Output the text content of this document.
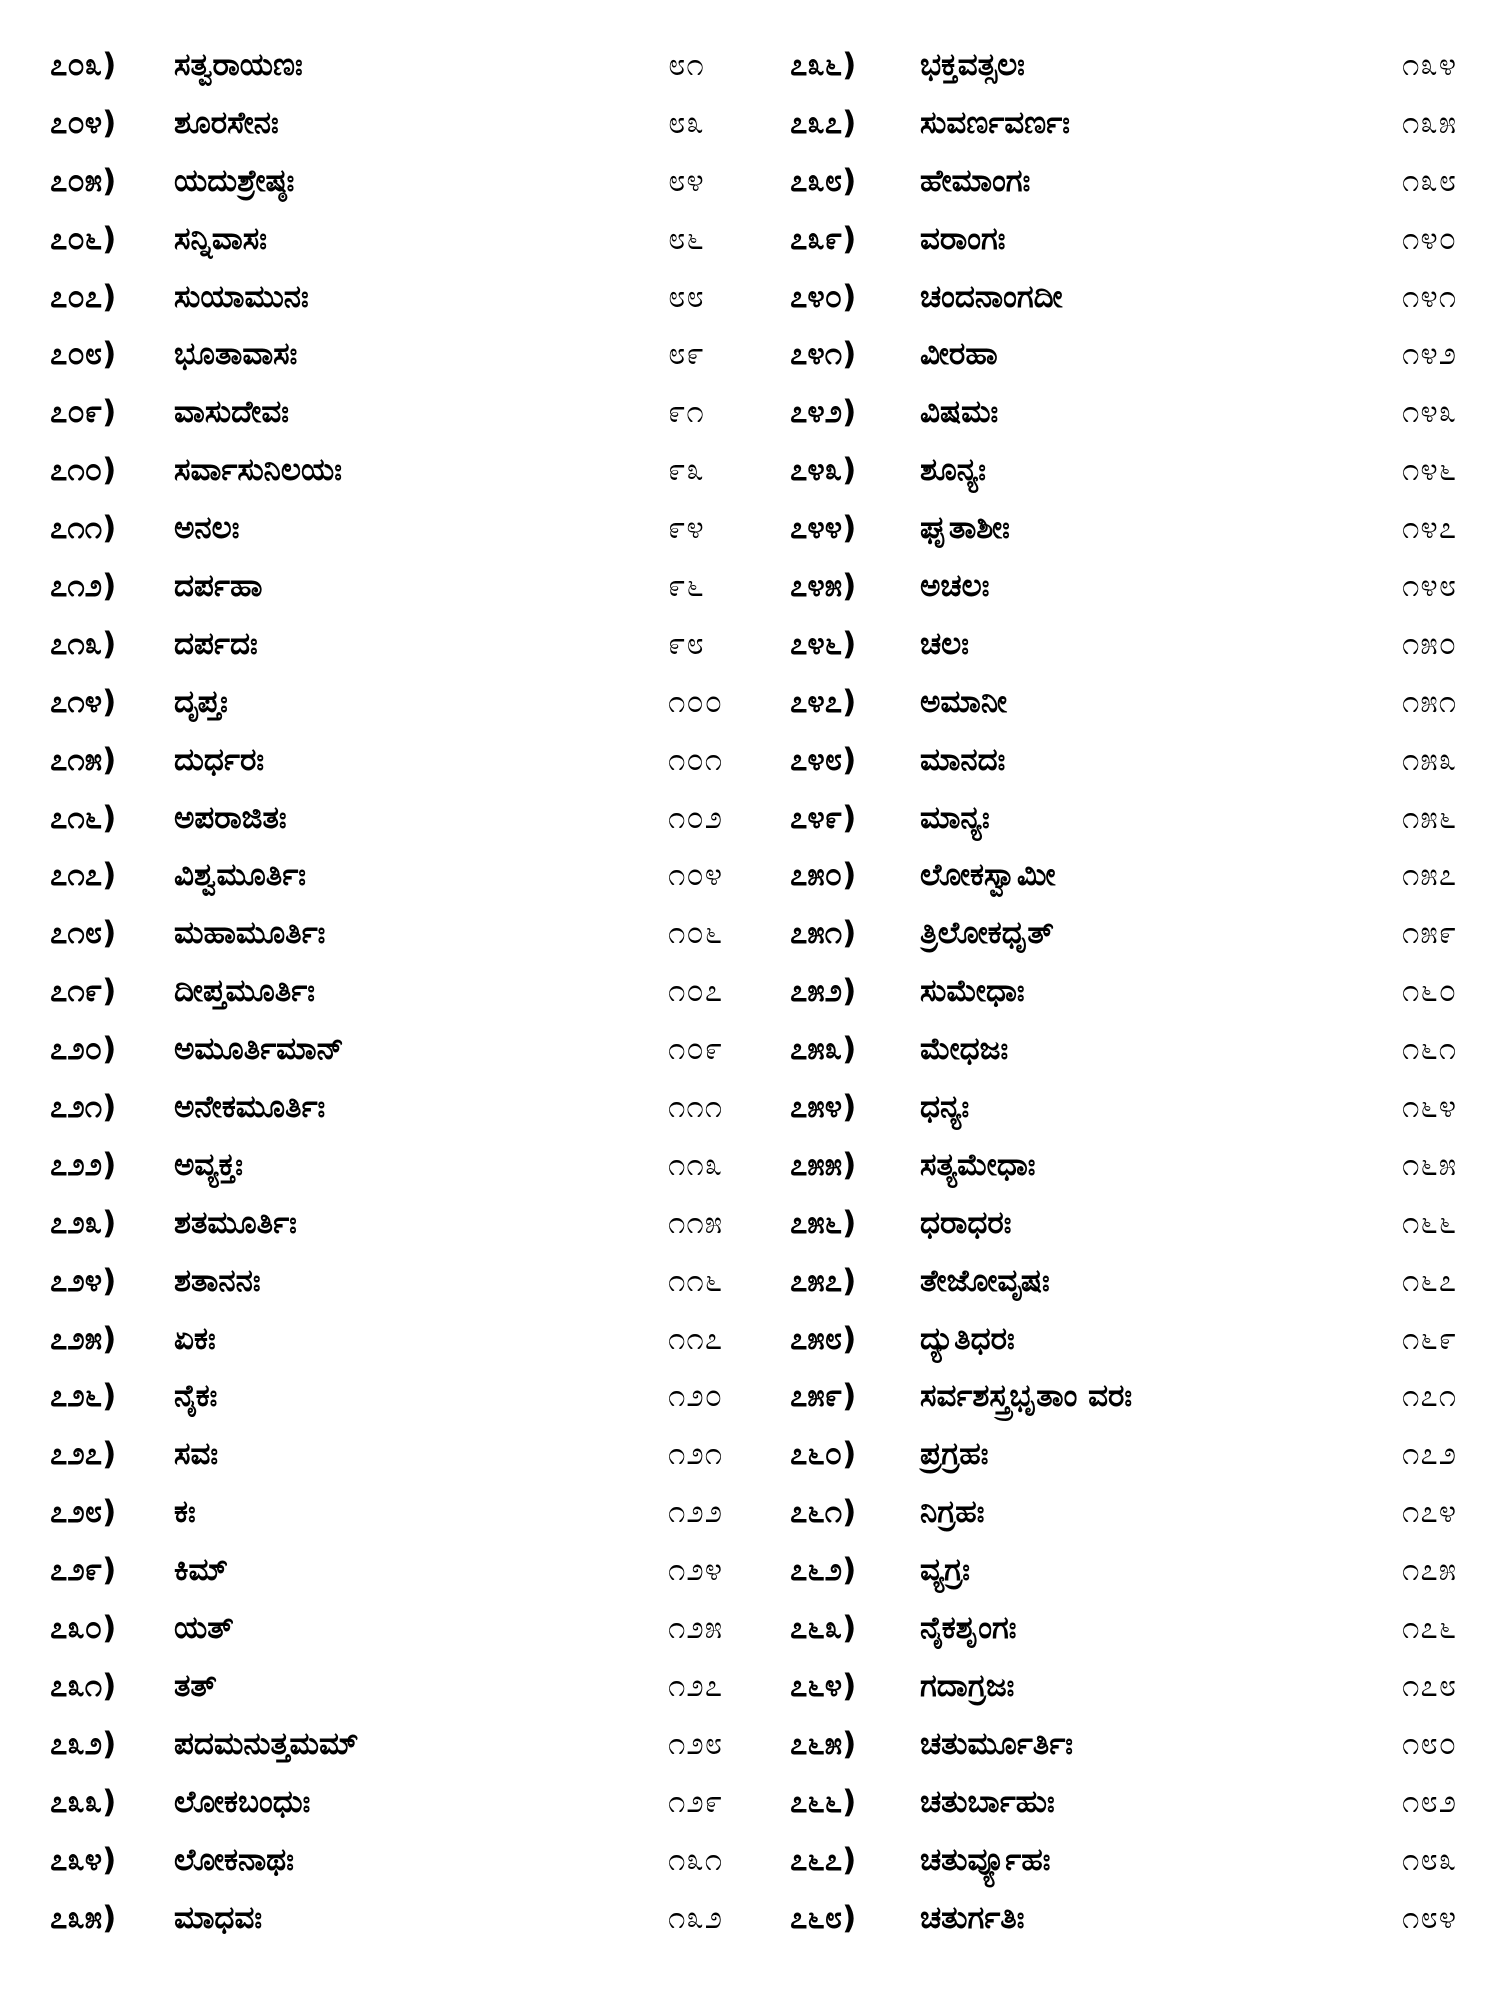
೭೦೩) ಸತ್ವರಾಯಣಃ	೮೧
೭೦೪) ಶೂರಸೇನಃ	೮೩
೭೦೫) ಯದುಶ್ರೇಷ್ಠಃ	೮೪
೭೦೬) ಸನ್ನಿವಾಸಃ	೮೬
೭೦೭) ಸುಯಾಮುನಃ	೮೮
೭೦೮) ಭೂತಾವಾಸಃ	೮೯
೭೦೯) ವಾಸುದೇವಃ	೯೧
೭೧೦) ಸರ್ವಾಸುನಿಲಯಃ	೯೩
೭೧೧) ಅನಲಃ	೯೪
೭೧೨) ದರ್ಪಹಾ	೯೬
೭೧೩) ದರ್ಪದಃ	೯೮
೭೧೪) ದೃಪ್ತಃ	೧೦೦
೭೧೫) ದುರ್ಧರಃ	೧೦೧
೭೧೬) ಅಪರಾಜಿತಃ	೧೦೨
೭೧೭) ವಿಶ್ವಮೂರ್ತಿಃ	೧೦೪
೭೧೮) ಮಹಾಮೂರ್ತಿಃ	೧೦೬
೭೧೯) ದೀಪ್ತಮೂರ್ತಿಃ	೧೦೭
೭೨೦) ಅಮೂರ್ತಿಮಾನ್	೧೦೯
೭೨೧) ಅನೇಕಮೂರ್ತಿಃ	೧೧೧
೭೨೨) ಅವ್ಯಕ್ತಃ	೧೧೩
೭೨೩) ಶತಮೂರ್ತಿಃ	೧೧೫
೭೨೪) ಶತಾನನಃ	೧೧೬
೭೨೫) ಏಕಃ	೧೧೭
೭೨೬) ನೈಕಃ	೧೨೦
೭೨೭) ಸವಃ	೧೨೧
೭೨೮) ಕಃ	೧೨೨
೭೨೯) ಕಿಮ್	೧೨೪
೭೩೦) ಯತ್	೧೨೫
೭೩೧) ತತ್	೧೨೭
೭೩೨) ಪದಮನುತ್ತಮಮ್	೧೨೮
೭೩೩) ಲೋಕಬಂಧುಃ	೧೨೯
೭೩೪) ಲೋಕನಾಥಃ	೧೩೧
೭೩೫) ಮಾಧವಃ	೧೩೨
೭೩೬) ಭಕ್ತವತ್ಸಲಃ	೧೩೪
೭೩೭) ಸುವರ್ಣವರ್ಣಃ	೧೩೫
೭೩೮) ಹೇಮಾಂಗಃ	೧೩೮
೭೩೯) ವರಾಂಗಃ	೧೪೦
೭೪೦) ಚಂದನಾಂಗದೀ	೧೪೧
೭೪೧) ವೀರಹಾ	೧೪೨
೭೪೨) ವಿಷಮಃ	೧೪೩
೭೪೩) ಶೂನ್ಯಃ	೧೪೬
೭೪೪) ಘೃತಾಶೀಃ	೧೪೭
೭೪೫) ಅಚಲಃ	೧೪೮
೭೪೬) ಚಲಃ	೧೫೦
೭೪೭) ಅಮಾನೀ	೧೫೧
೭೪೮) ಮಾನದಃ	೧೫೩
೭೪೯) ಮಾನ್ಯಃ	೧೫೬
೭೫೦) ಲೋಕಸ್ವಾಮೀ	೧೫೭
೭೫೧) ತ್ರಿಲೋಕಧೃತ್	೧೫೯
೭೫೨) ಸುಮೇಧಾಃ	೧೬೦
೭೫೩) ಮೇಧಜಃ	೧೬೧
೭೫೪) ಧನ್ಯಃ	೧೬೪
೭೫೫) ಸತ್ಯಮೇಧಾಃ	೧೬೫
೭೫೬) ಧರಾಧರಃ	೧೬೬
೭೫೭) ತೇಜೋವೃಷಃ	೧೬೭
೭೫೮) ದ್ಯುತಿಧರಃ	೧೬೯
೭೫೯) ಸರ್ವಶಸ್ತ್ರಭೃತಾಂ ವರಃ	೧೭೧
೭೬೦) ಪ್ರಗ್ರಹಃ	೧೭೨
೭೬೧) ನಿಗ್ರಹಃ	೧೭೪
೭೬೨) ವ್ಯಗ್ರಃ	೧೭೫
೭೬೩) ನೈಕಶೃಂಗಃ	೧೭೬
೭೬೪) ಗದಾಗ್ರಜಃ	೧೭೮
೭೬೫) ಚತುರ್ಮೂರ್ತಿಃ	೧೮೦
೭೬೬) ಚತುರ್ಬಾಹುಃ	೧೮೨
೭೬೭) ಚತುರ್ವ್ಯೂಹಃ	೧೮೩
೭೬೮) ಚತುರ್ಗತಿಃ	೧೮೪
